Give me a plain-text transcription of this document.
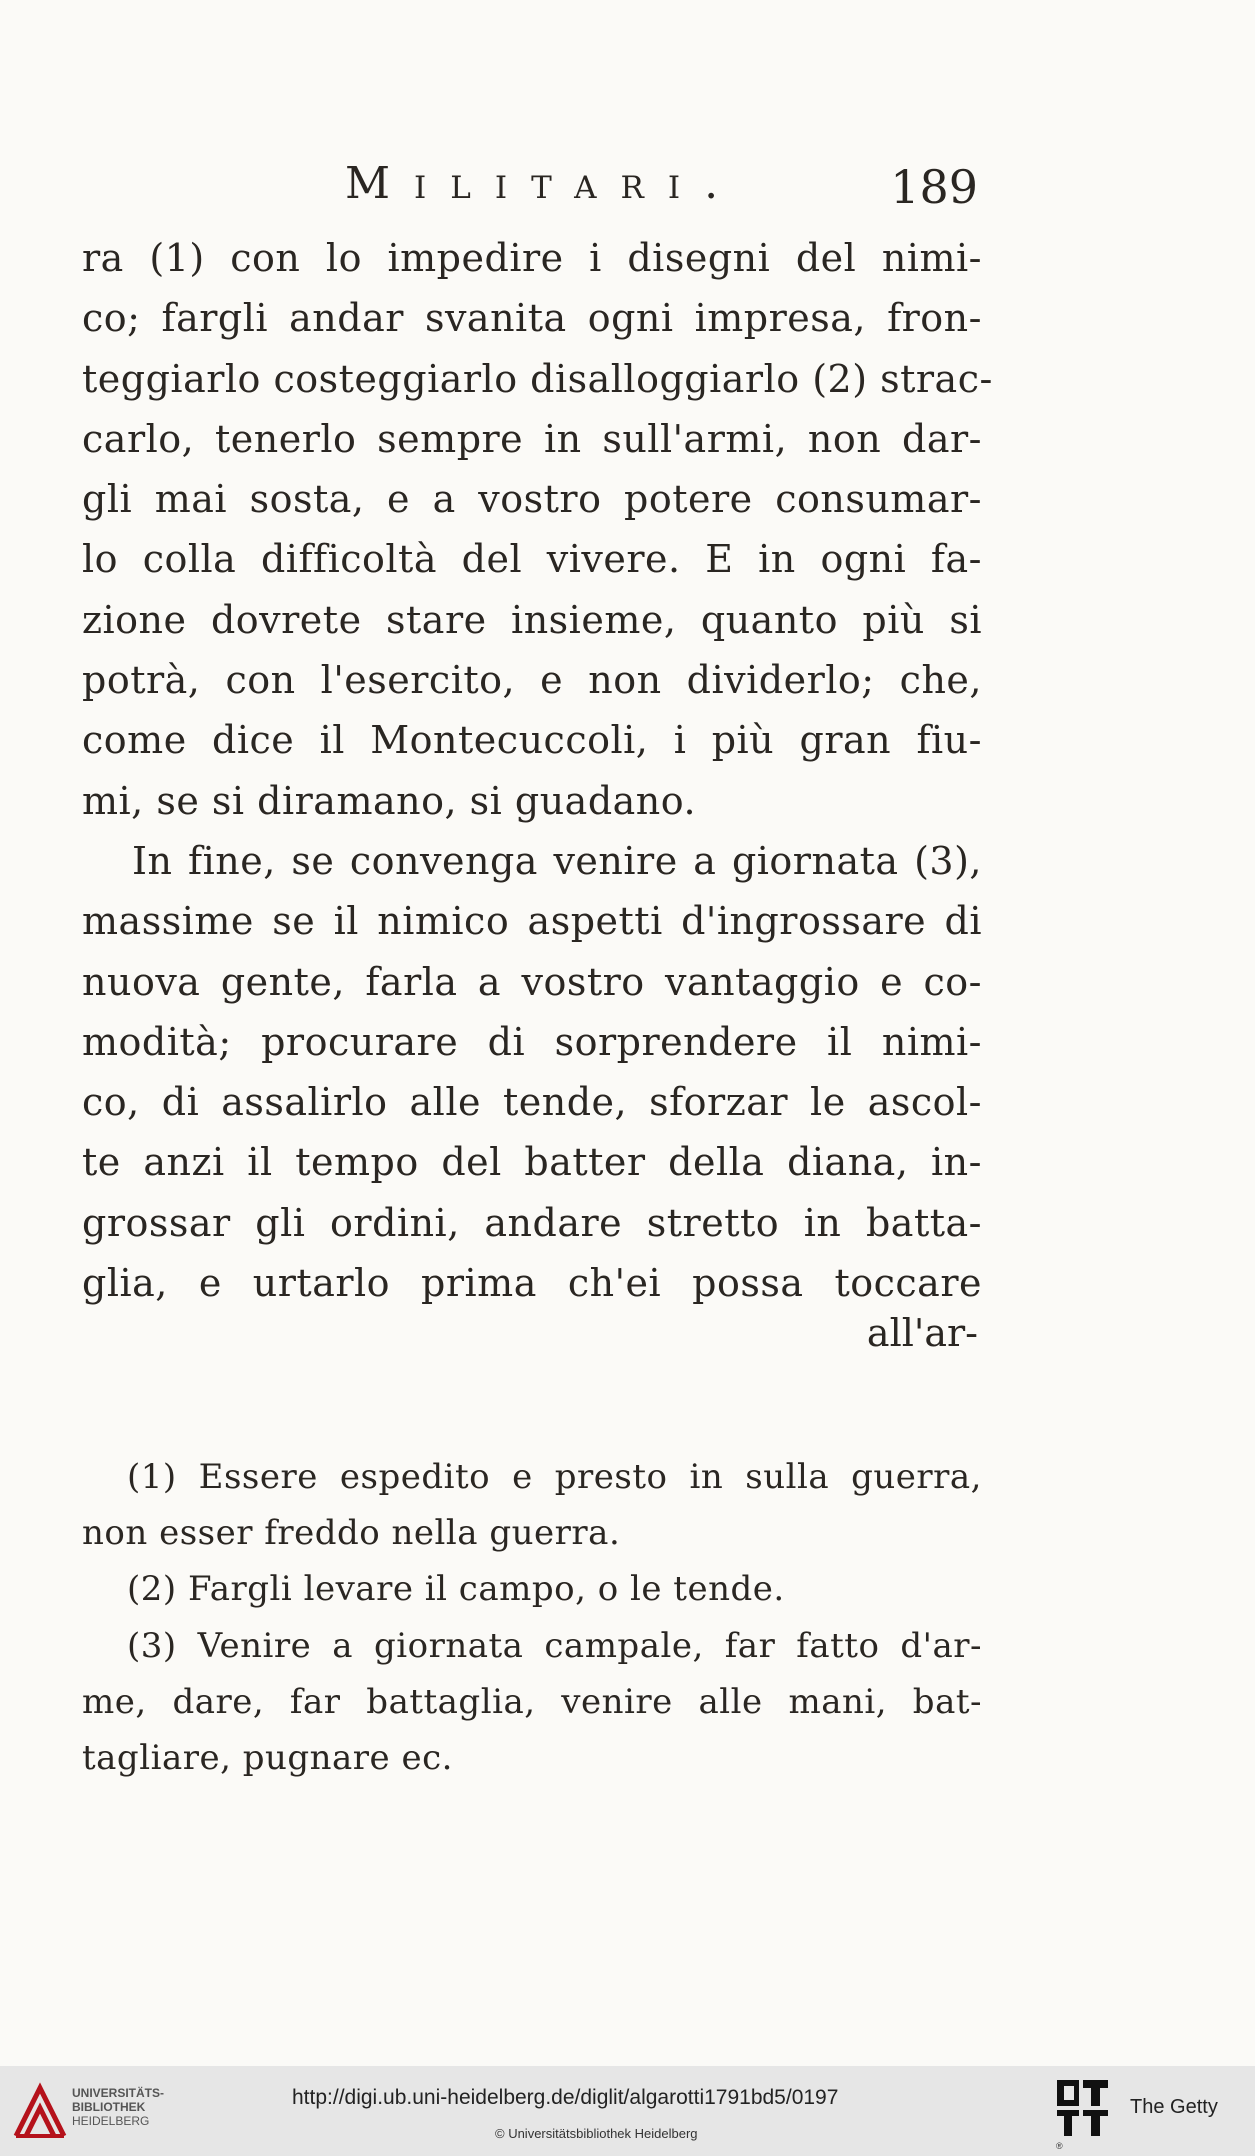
Militari.	189
ra (1) con lo impedire i disegni del nimi-
co; fargli andar svanita ogni impresa, fron-
teggiarlo costeggiarlo disalloggiarlo (2) strac-
carlo, tenerlo sempre in sull'armi, non dar-
gli mai sosta, e a vostro potere consumar-
lo colla difficoltà del vivere. E in ogni fa-
zione dovrete stare insieme, quanto più si
potrà, con l'esercito, e non dividerlo; che,
come dice il Montecuccoli, i più gran fiu-
mi, se si diramano, si guadano.
In fine, se convenga venire a giornata (3),
massime se il nimico aspetti d'ingrossare di
nuova gente, farla a vostro vantaggio e co-
modità; procurare di sorprendere il nimi-
co, di assalirlo alle tende, sforzar le ascol-
te anzi il tempo del batter della diana, in-
grossar gli ordini, andare stretto in batta-
glia, e urtarlo prima ch'ei possa toccare
all'ar-
(1) Essere espedito e presto in sulla guerra,
non esser freddo nella guerra.
(2) Fargli levare il campo, o le tende.
(3) Venire a giornata campale, far fatto d'ar-
me, dare, far battaglia, venire alle mani, bat-
tagliare, pugnare ec.
UNIVERSITÄTS-
BIBLIOTHEK
HEIDELBERG
http://digi.ub.uni-heidelberg.de/diglit/algarotti1791bd5/0197
© Universitätsbibliothek Heidelberg
The Getty
®
